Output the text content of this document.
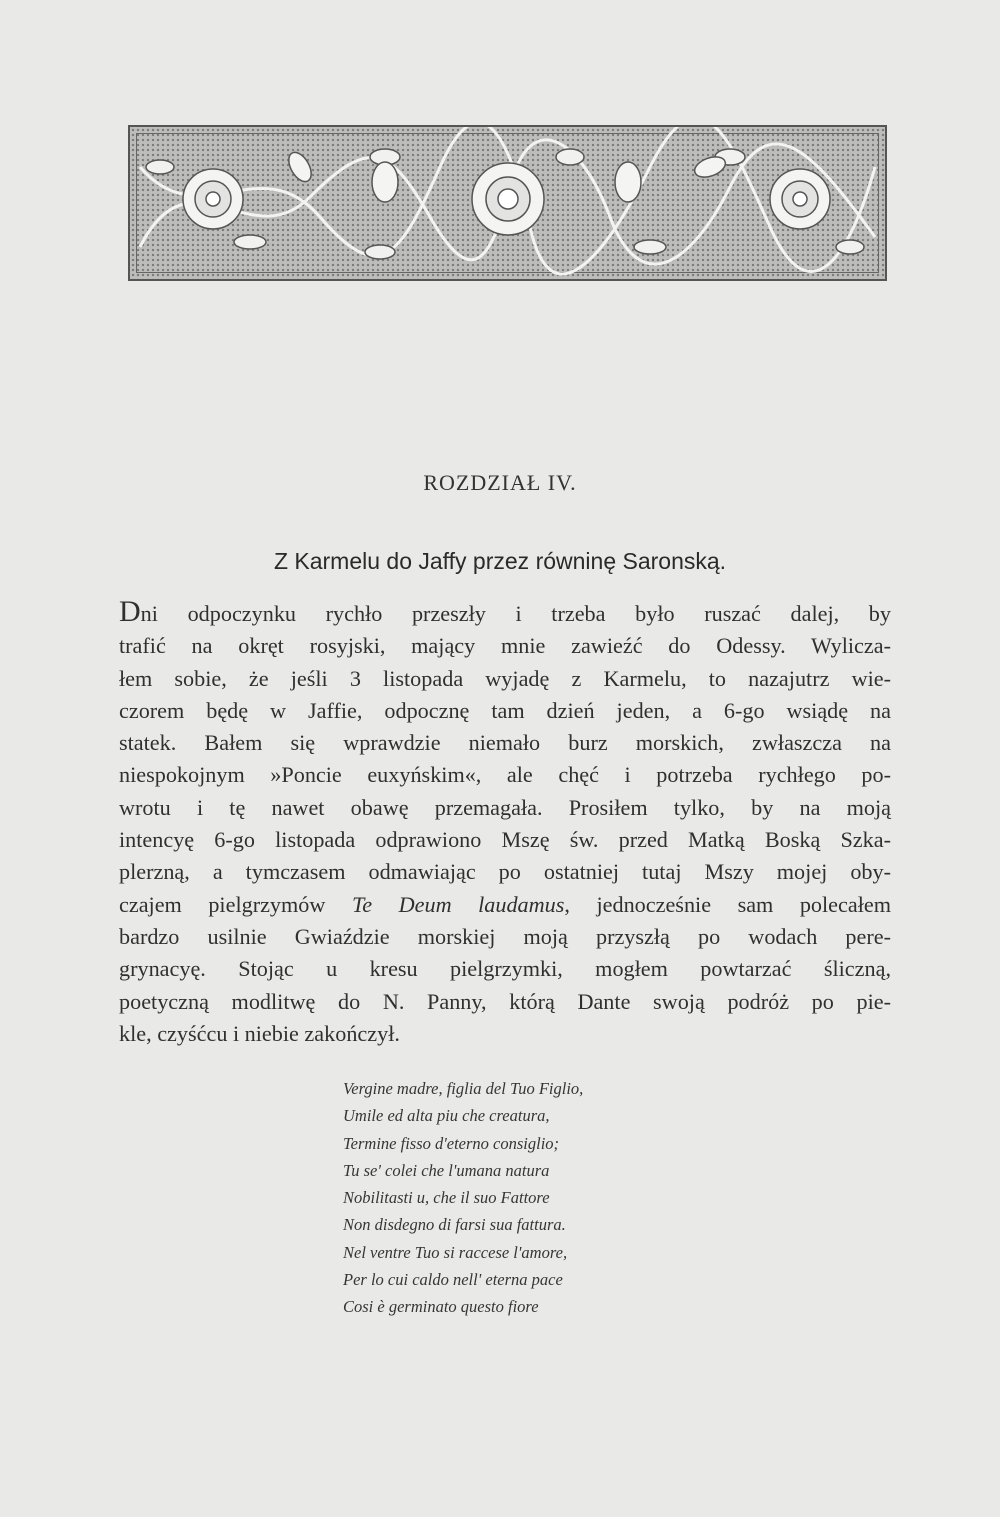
ROZDZIAŁ IV.
Z Karmelu do Jaffy przez równinę Saronską.
Dni odpoczynku rychło przeszły i trzeba było ruszać dalej, by
trafić na okręt rosyjski, mający mnie zawieźć do Odessy. Wylicza-
łem sobie, że jeśli 3 listopada wyjadę z Karmelu, to nazajutrz wie-
czorem będę w Jaffie, odpocznę tam dzień jeden, a 6-go wsiądę na
statek. Bałem się wprawdzie niemało burz morskich, zwłaszcza na
niespokojnym »Poncie euxyńskim«, ale chęć i potrzeba rychłego po-
wrotu i tę nawet obawę przemagała. Prosiłem tylko, by na moją
intencyę 6-go listopada odprawiono Mszę św. przed Matką Boską Szka-
plerzną, a tymczasem odmawiając po ostatniej tutaj Mszy mojej oby-
czajem pielgrzymów Te Deum laudamus, jednocześnie sam polecałem
bardzo usilnie Gwiaździe morskiej moją przyszłą po wodach pere-
grynacyę. Stojąc u kresu pielgrzymki, mogłem powtarzać śliczną,
poetyczną modlitwę do N. Panny, którą Dante swoją podróż po pie-
kle, czyśćcu i niebie zakończył.
Vergine madre, figlia del Tuo Figlio,
Umile ed alta piu che creatura,
Termine fisso d'eterno consiglio;
Tu se' colei che l'umana natura
Nobilitasti u, che il suo Fattore
Non disdegno di farsi sua fattura.
Nel ventre Tuo si raccese l'amore,
Per lo cui caldo nell' eterna pace
Cosi è germinato questo fiore
